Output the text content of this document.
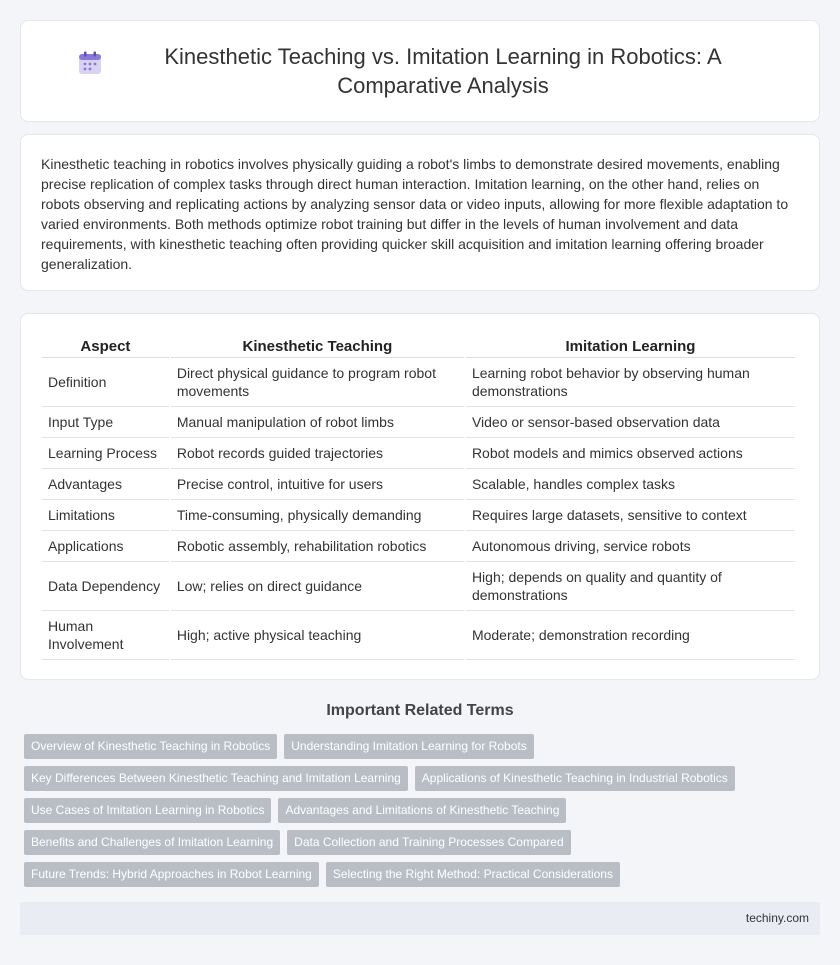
Kinesthetic Teaching vs. Imitation Learning in Robotics: A Comparative Analysis

Kinesthetic teaching in robotics involves physically guiding a robot's limbs to demonstrate desired movements, enabling precise replication of complex tasks through direct human interaction. Imitation learning, on the other hand, relies on robots observing and replicating actions by analyzing sensor data or video inputs, allowing for more flexible adaptation to varied environments. Both methods optimize robot training but differ in the levels of human involvement and data requirements, with kinesthetic teaching often providing quicker skill acquisition and imitation learning offering broader generalization.

Aspect	Kinesthetic Teaching	Imitation Learning
Definition	Direct physical guidance to program robot movements	Learning robot behavior by observing human demonstrations
Input Type	Manual manipulation of robot limbs	Video or sensor-based observation data
Learning Process	Robot records guided trajectories	Robot models and mimics observed actions
Advantages	Precise control, intuitive for users	Scalable, handles complex tasks
Limitations	Time-consuming, physically demanding	Requires large datasets, sensitive to context
Applications	Robotic assembly, rehabilitation robotics	Autonomous driving, service robots
Data Dependency	Low; relies on direct guidance	High; depends on quality and quantity of demonstrations
Human Involvement	High; active physical teaching	Moderate; demonstration recording
Important Related Terms
Overview of Kinesthetic Teaching in Robotics	Understanding Imitation Learning for Robots
Key Differences Between Kinesthetic Teaching and Imitation Learning	Applications of Kinesthetic Teaching in Industrial Robotics
Use Cases of Imitation Learning in Robotics	Advantages and Limitations of Kinesthetic Teaching
Benefits and Challenges of Imitation Learning	Data Collection and Training Processes Compared
Future Trends: Hybrid Approaches in Robot Learning	Selecting the Right Method: Practical Considerations
techiny.com
